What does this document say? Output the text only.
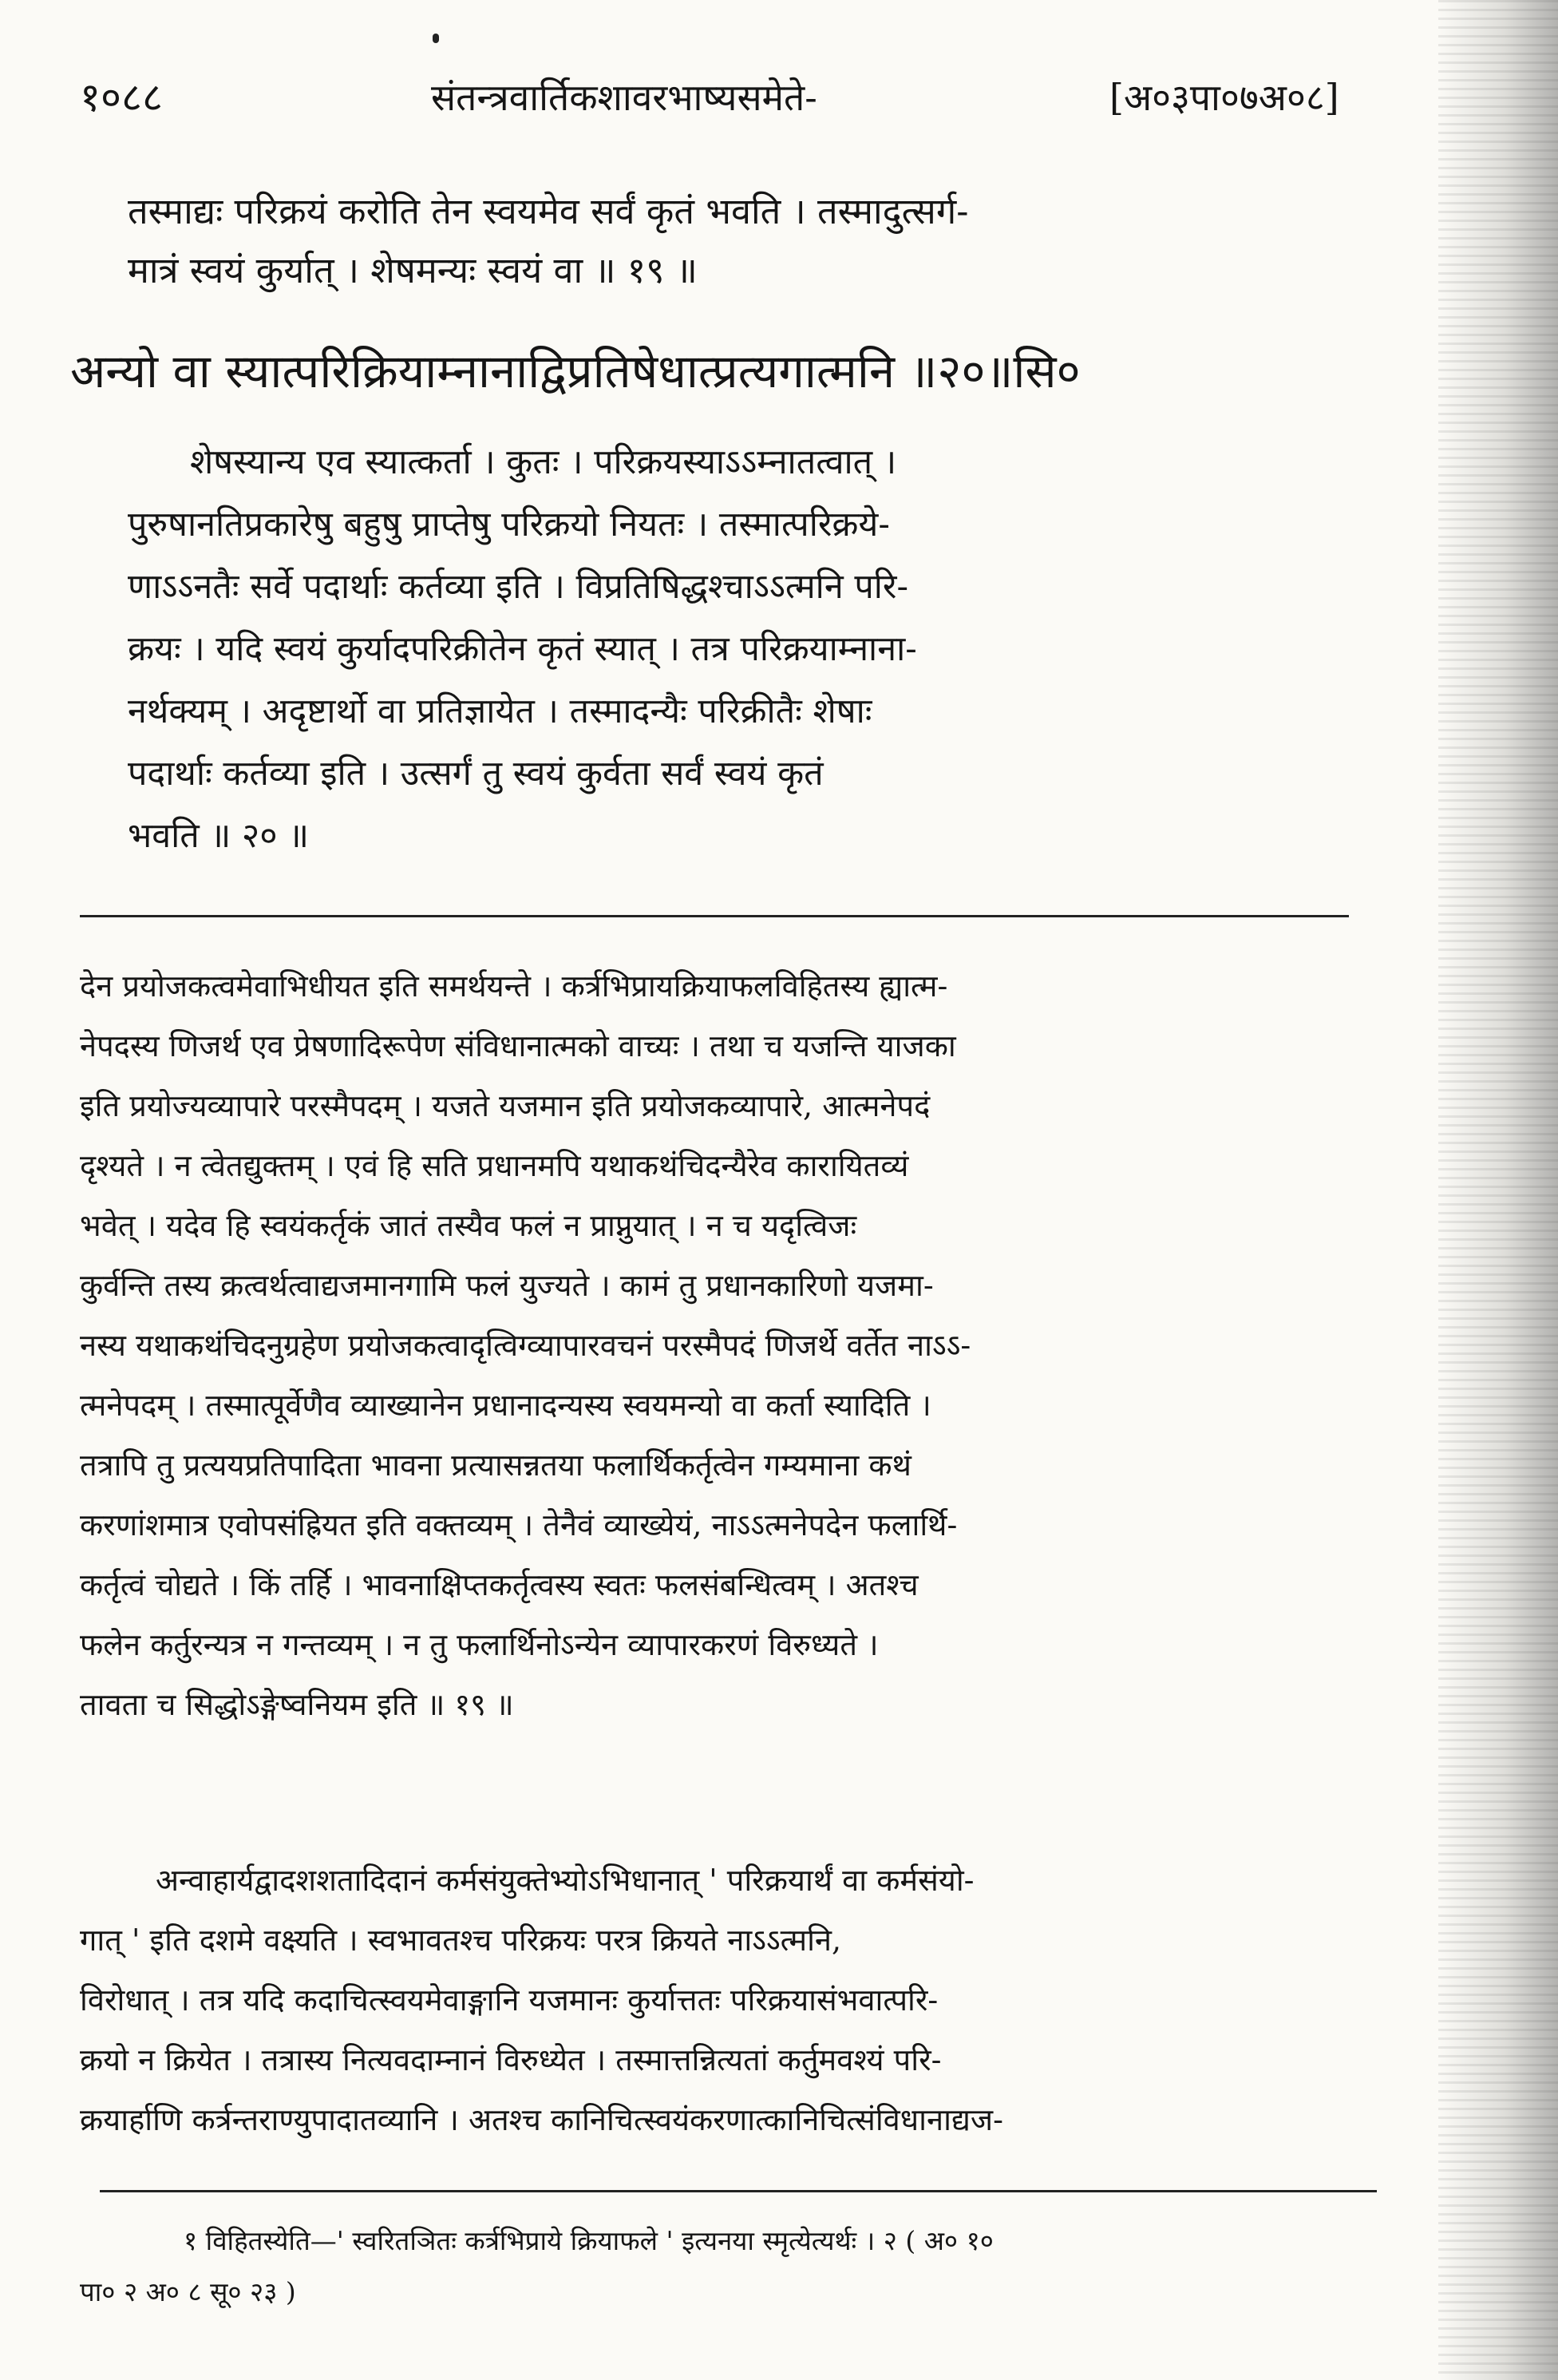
१०८८	संतन्त्रवार्तिकशावरभाष्यसमेते-	[अ०३पा०७अ०८]
तस्माद्यः परिक्रयं करोति तेन स्वयमेव सर्वं कृतं भवति । तस्मादुत्सर्ग-
मात्रं स्वयं कुर्यात् । शेषमन्यः स्वयं वा ॥ १९ ॥
अन्यो वा स्यात्परिक्रियाम्नानाद्विप्रतिषेधात्प्रत्यगात्मनि ॥२०॥सि०
शेषस्यान्य एव स्यात्कर्ता । कुतः । परिक्रयस्याऽऽम्नातत्वात् ।
पुरुषानतिप्रकारेषु बहुषु प्राप्तेषु परिक्रयो नियतः । तस्मात्परिक्रये-
णाऽऽनतैः सर्वे पदार्थाः कर्तव्या इति । विप्रतिषिद्धश्चाऽऽत्मनि परि-
क्रयः । यदि स्वयं कुर्यादपरिक्रीतेन कृतं स्यात् । तत्र परिक्रयाम्नाना-
नर्थक्यम् । अदृष्टार्थो वा प्रतिज्ञायेत । तस्मादन्यैः परिक्रीतैः शेषाः
पदार्थाः कर्तव्या इति । उत्सर्गं तु स्वयं कुर्वता सर्वं स्वयं कृतं
भवति ॥ २० ॥
देन प्रयोजकत्वमेवाभिधीयत इति समर्थयन्ते । कर्त्रभिप्रायक्रियाफलविहितस्य ह्यात्म-
नेपदस्य णिजर्थ एव प्रेषणादिरूपेण संविधानात्मको वाच्यः । तथा च यजन्ति याजका
इति प्रयोज्यव्यापारे परस्मैपदम् । यजते यजमान इति प्रयोजकव्यापारे, आत्मनेपदं
दृश्यते । न त्वेतद्युक्तम् । एवं हि सति प्रधानमपि यथाकथंचिदन्यैरेव कारायितव्यं
भवेत् । यदेव हि स्वयंकर्तृकं जातं तस्यैव फलं न प्राप्नुयात् । न च यदृत्विजः
कुर्वन्ति तस्य क्रत्वर्थत्वाद्यजमानगामि फलं युज्यते । कामं तु प्रधानकारिणो यजमा-
नस्य यथाकथंचिदनुग्रहेण प्रयोजकत्वादृत्विग्व्यापारवचनं परस्मैपदं णिजर्थे वर्तेत नाऽऽ-
त्मनेपदम् । तस्मात्पूर्वेणैव व्याख्यानेन प्रधानादन्यस्य स्वयमन्यो वा कर्ता स्यादिति ।
तत्रापि तु प्रत्ययप्रतिपादिता भावना प्रत्यासन्नतया फलार्थिकर्तृत्वेन गम्यमाना कथं
करणांशमात्र एवोपसंह्रियत इति वक्तव्यम् । तेनैवं व्याख्येयं, नाऽऽत्मनेपदेन फलार्थि-
कर्तृत्वं चोद्यते । किं तर्हि । भावनाक्षिप्तकर्तृत्वस्य स्वतः फलसंबन्धित्वम् । अतश्च
फलेन कर्तुरन्यत्र न गन्तव्यम् । न तु फलार्थिनोऽन्येन व्यापारकरणं विरुध्यते ।
तावता च सिद्धोऽङ्गेष्वनियम इति ॥ १९ ॥
अन्वाहार्यद्वादशशतादिदानं कर्मसंयुक्तेभ्योऽभिधानात् ' परिक्रयार्थं वा कर्मसंयो-
गात् ' इति दशमे वक्ष्यति । स्वभावतश्च परिक्रयः परत्र क्रियते नाऽऽत्मनि,
विरोधात् । तत्र यदि कदाचित्स्वयमेवाङ्गानि यजमानः कुर्यात्ततः परिक्रयासंभवात्परि-
क्रयो न क्रियेत । तत्रास्य नित्यवदाम्नानं विरुध्येत । तस्मात्तन्नित्यतां कर्तुमवश्यं परि-
क्रयार्हाणि कर्त्रन्तराण्युपादातव्यानि । अतश्च कानिचित्स्वयंकरणात्कानिचित्संविधानाद्यज-
१ विहितस्येति—' स्वरितञितः कर्त्रभिप्राये क्रियाफले ' इत्यनया स्मृत्येत्यर्थः । २ ( अ० १०
पा० २ अ० ८ सू० २३ )
